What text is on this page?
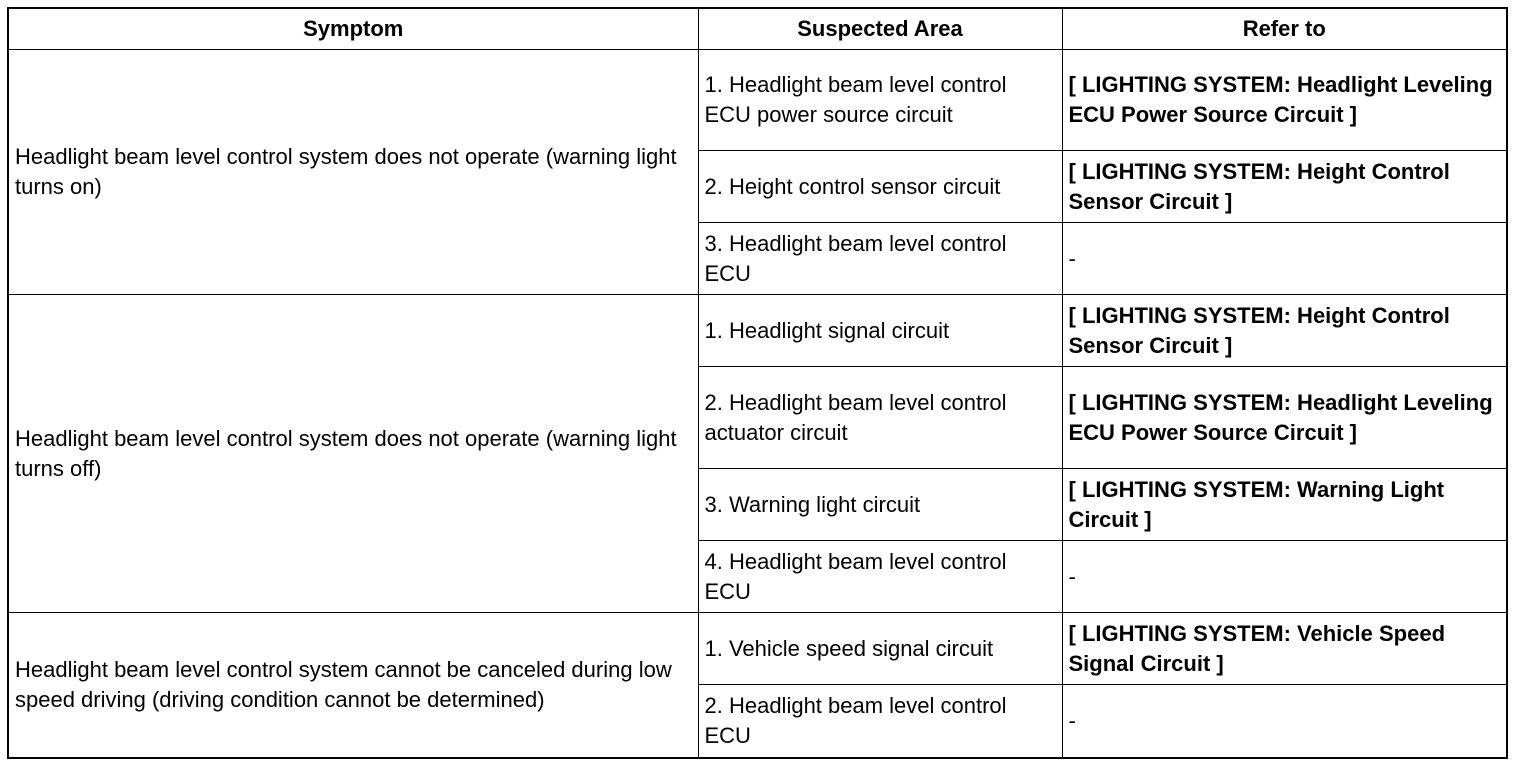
Symptom	Suspected Area	Refer to
Headlight beam level control system does not operate (warning light turns on)	1. Headlight beam level control ECU power source circuit	[ LIGHTING SYSTEM: Headlight Leveling ECU Power Source Circuit ]
	2. Height control sensor circuit	[ LIGHTING SYSTEM: Height Control Sensor Circuit ]
	3. Headlight beam level control ECU	-
Headlight beam level control system does not operate (warning light turns off)	1. Headlight signal circuit	[ LIGHTING SYSTEM: Height Control Sensor Circuit ]
	2. Headlight beam level control actuator circuit	[ LIGHTING SYSTEM: Headlight Leveling ECU Power Source Circuit ]
	3. Warning light circuit	[ LIGHTING SYSTEM: Warning Light Circuit ]
	4. Headlight beam level control ECU	-
Headlight beam level control system cannot be canceled during low speed driving (driving condition cannot be determined)	1. Vehicle speed signal circuit	[ LIGHTING SYSTEM: Vehicle Speed Signal Circuit ]
	2. Headlight beam level control ECU	-
